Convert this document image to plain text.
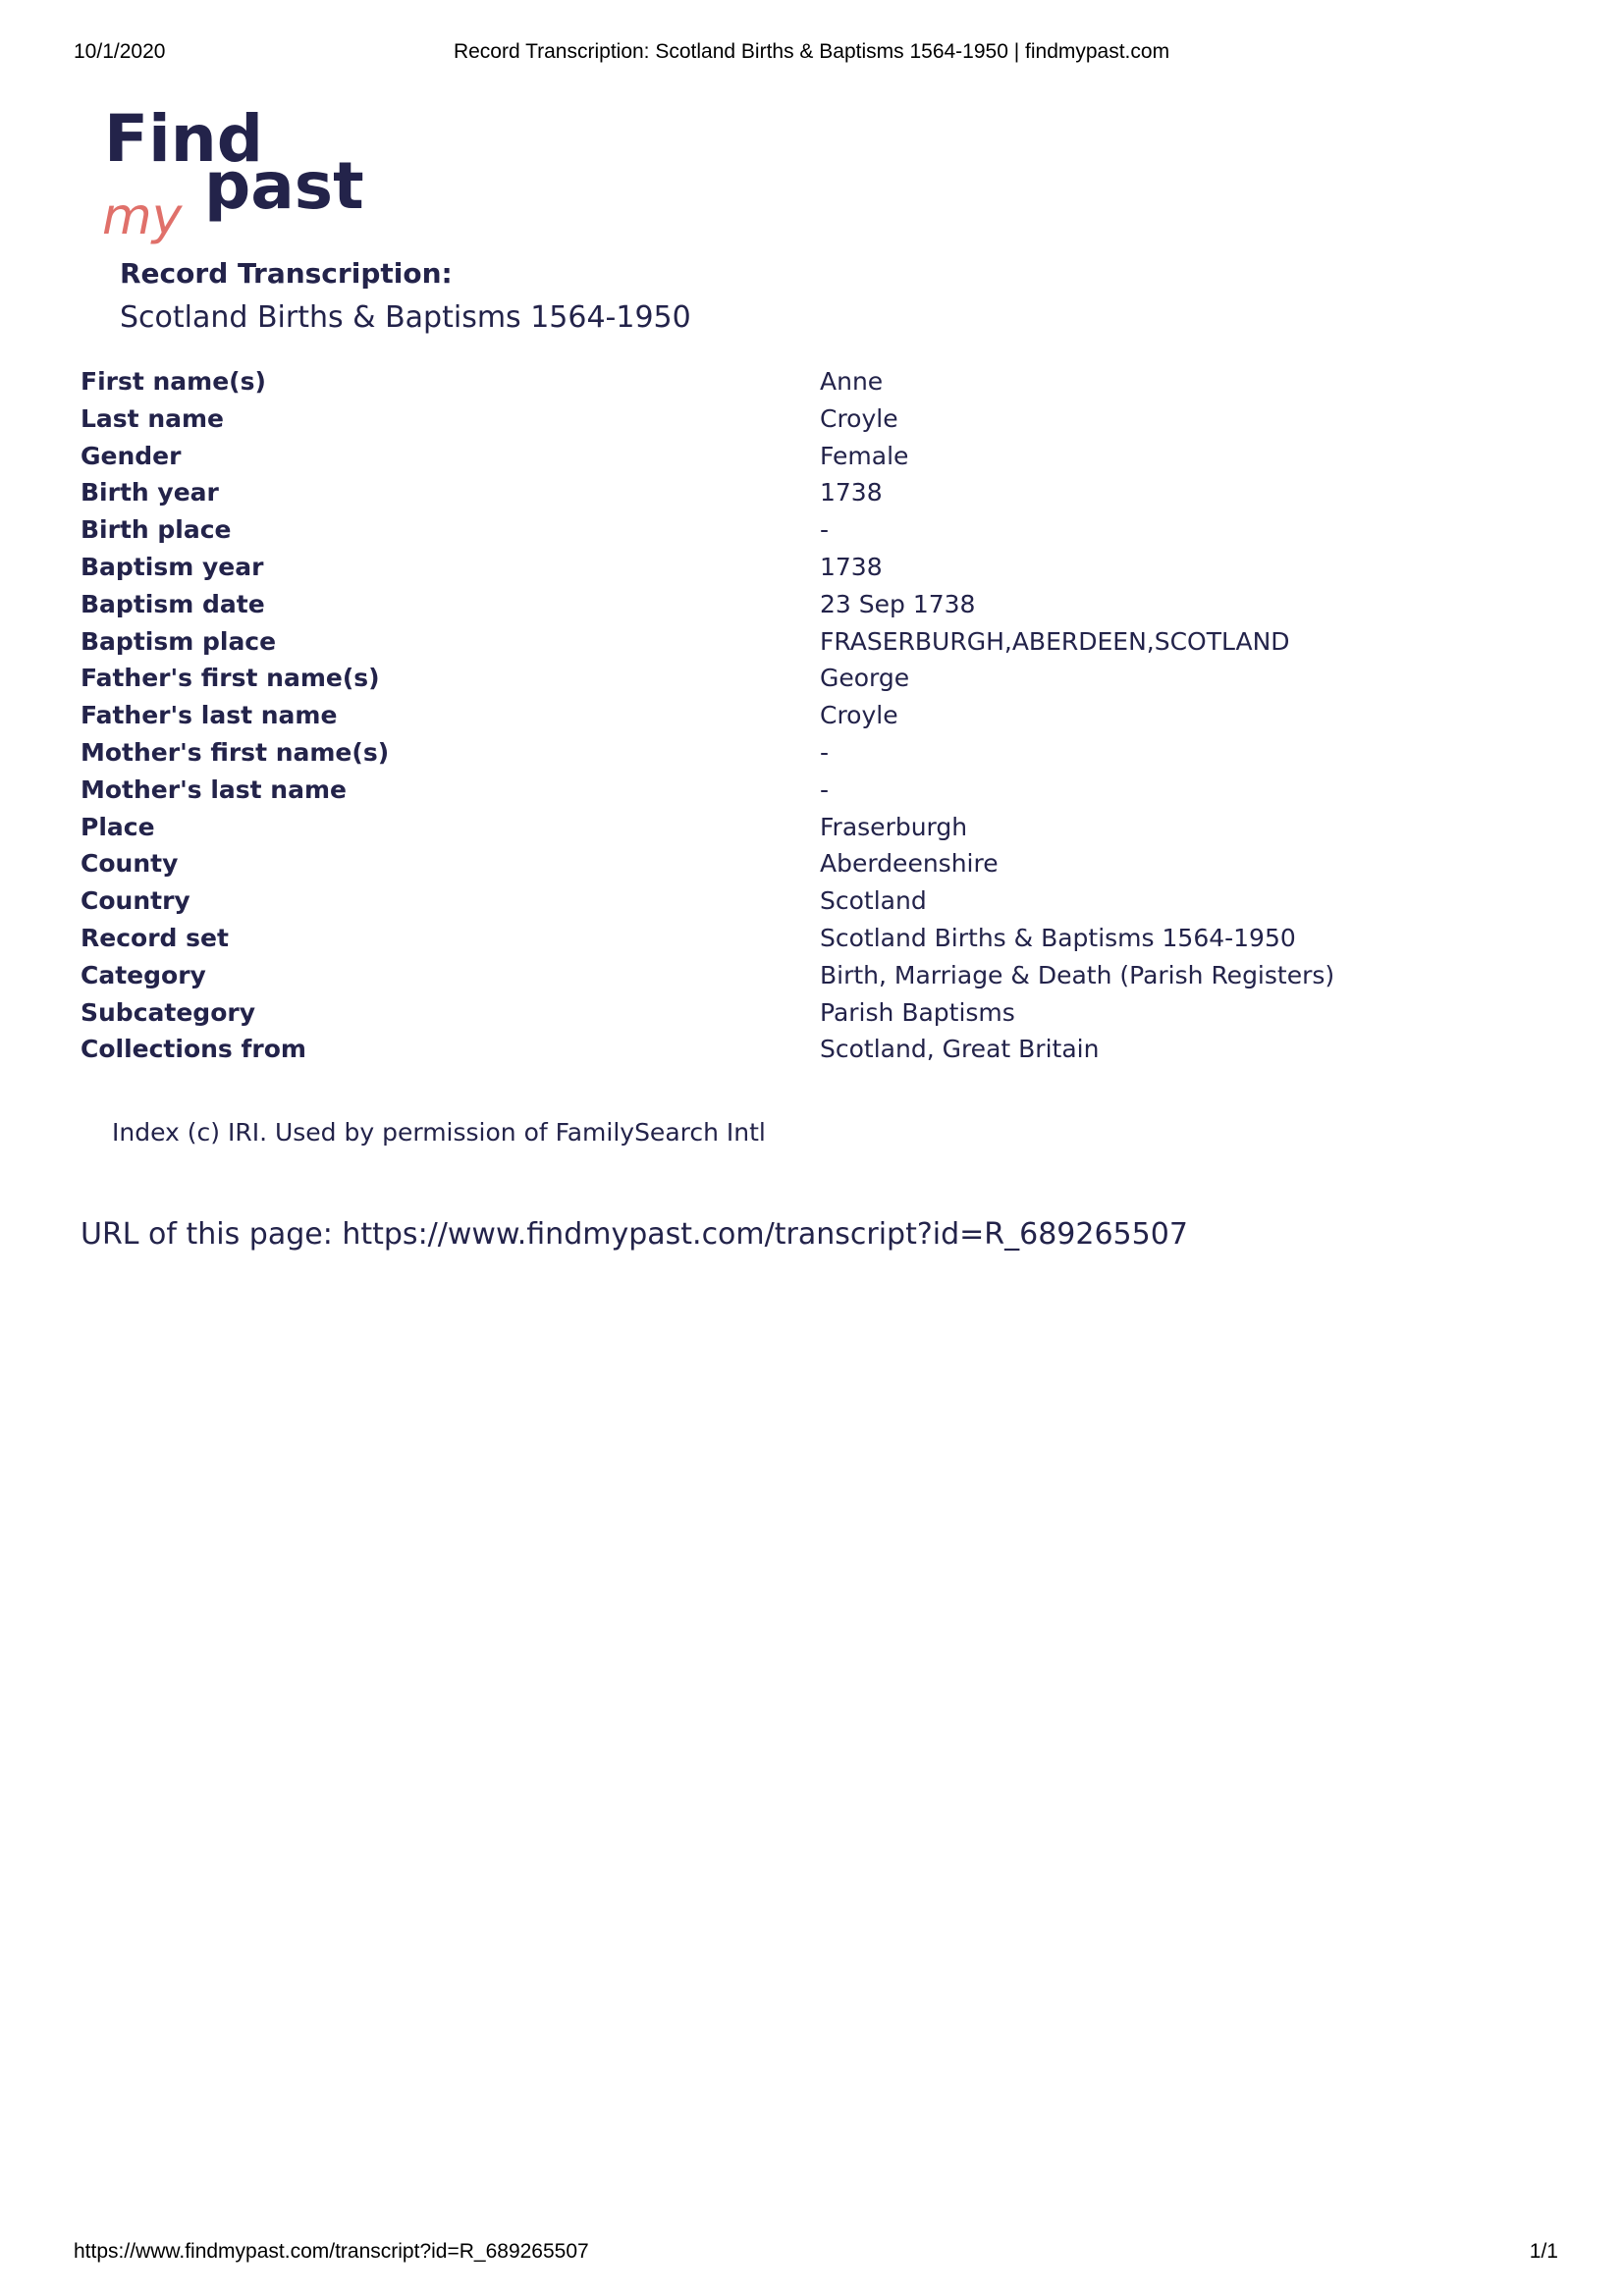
10/1/2020	Record Transcription: Scotland Births & Baptisms 1564-1950 | findmypast.com
Find
my past
Record Transcription:
Scotland Births & Baptisms 1564-1950
First name(s)	Anne
Last name	Croyle
Gender	Female
Birth year	1738
Birth place	-
Baptism year	1738
Baptism date	23 Sep 1738
Baptism place	FRASERBURGH,ABERDEEN,SCOTLAND
Father's first name(s)	George
Father's last name	Croyle
Mother's first name(s)	-
Mother's last name	-
Place	Fraserburgh
County	Aberdeenshire
Country	Scotland
Record set	Scotland Births & Baptisms 1564-1950
Category	Birth, Marriage & Death (Parish Registers)
Subcategory	Parish Baptisms
Collections from	Scotland, Great Britain
Index (c) IRI. Used by permission of FamilySearch Intl
URL of this page: https://www.findmypast.com/transcript?id=R_689265507
https://www.findmypast.com/transcript?id=R_689265507	1/1
